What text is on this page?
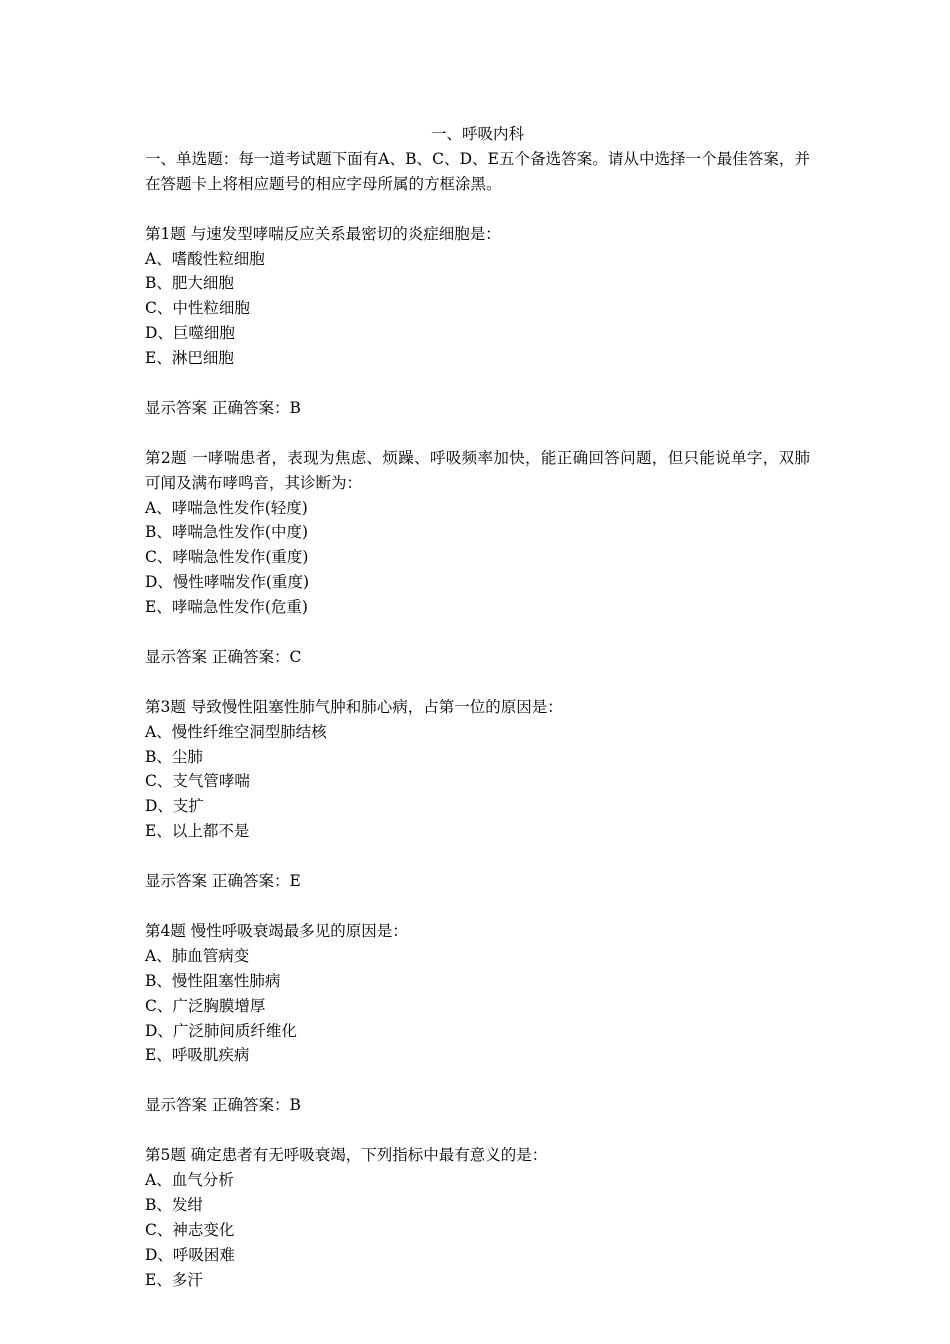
一、呼吸内科

一、单选题：每一道考试题下面有A、B、C、D、E五个备选答案。请从中选择一个最佳答案，并在答题卡上将相应题号的相应字母所属的方框涂黑。

第1题 与速发型哮喘反应关系最密切的炎症细胞是：

A、嗜酸性粒细胞

B、肥大细胞

C、中性粒细胞

D、巨噬细胞

E、淋巴细胞

显示答案 正确答案：B

第2题 一哮喘患者，表现为焦虑、烦躁、呼吸频率加快，能正确回答问题，但只能说单字，双肺可闻及满布哮鸣音，其诊断为：

A、哮喘急性发作(轻度)

B、哮喘急性发作(中度)

C、哮喘急性发作(重度)

D、慢性哮喘发作(重度)

E、哮喘急性发作(危重)

显示答案 正确答案：C

第3题 导致慢性阻塞性肺气肿和肺心病，占第一位的原因是：

A、慢性纤维空洞型肺结核

B、尘肺

C、支气管哮喘

D、支扩

E、以上都不是

显示答案 正确答案：E

第4题 慢性呼吸衰竭最多见的原因是：

A、肺血管病变

B、慢性阻塞性肺病

C、广泛胸膜增厚

D、广泛肺间质纤维化

E、呼吸肌疾病

显示答案 正确答案：B

第5题 确定患者有无呼吸衰竭，下列指标中最有意义的是：

A、血气分析

B、发绀

C、神志变化

D、呼吸困难

E、多汗
